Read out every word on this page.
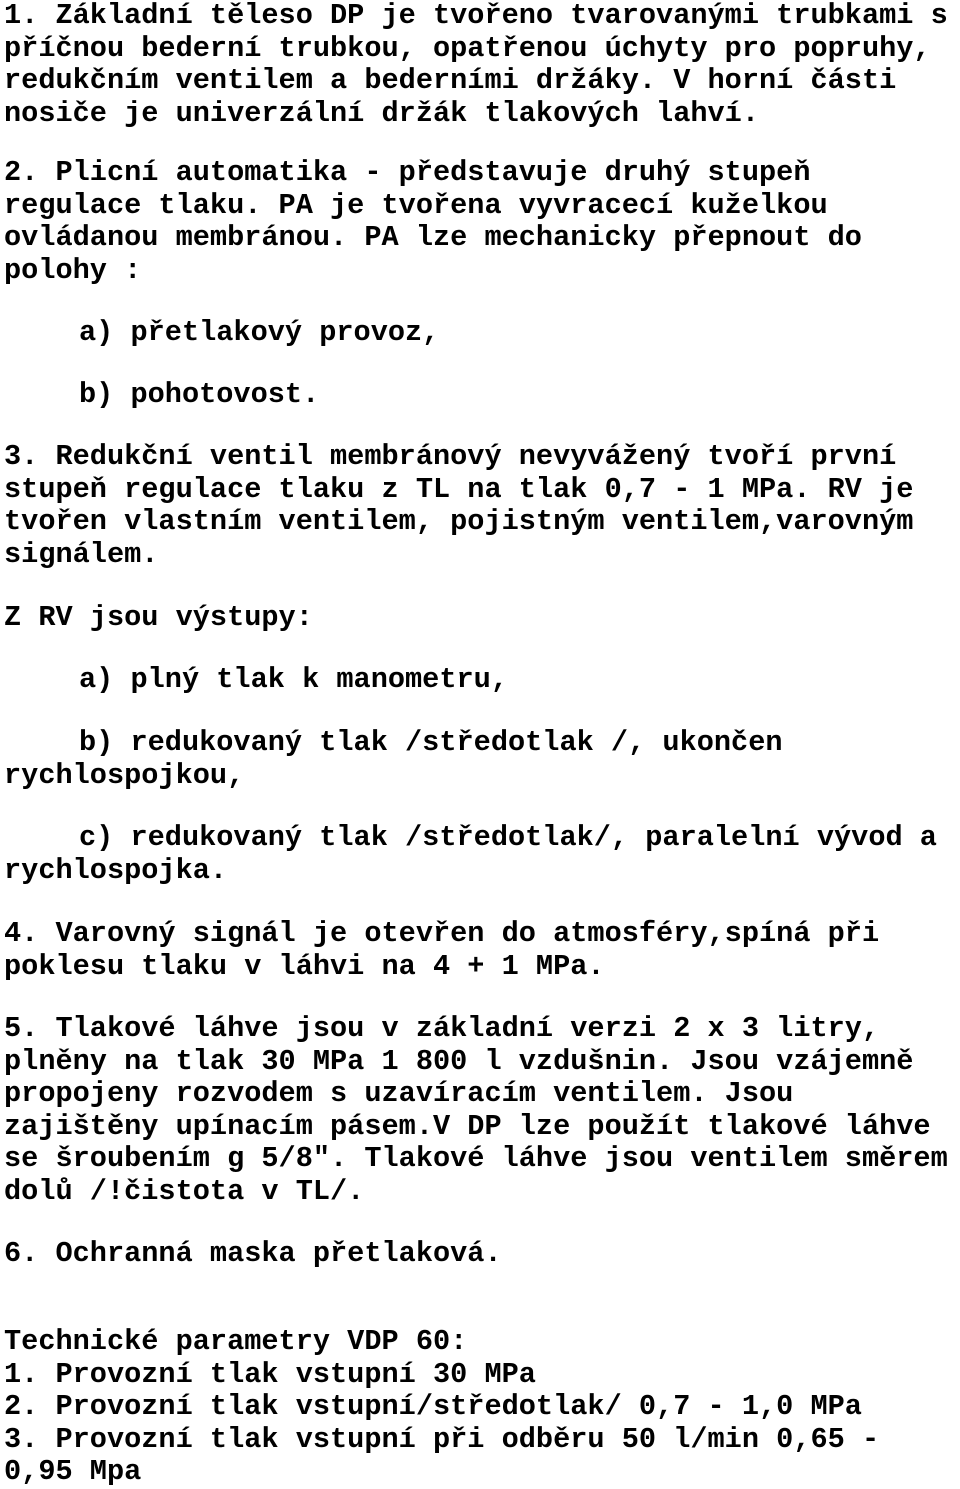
1. Základní těleso DP je tvořeno tvarovanými trubkami s
příčnou bederní trubkou, opatřenou úchyty pro popruhy,
redukčním ventilem a bederními držáky. V horní části
nosiče je univerzální držák tlakových lahví.
2. Plicní automatika - představuje druhý stupeň
regulace tlaku. PA je tvořena vyvracecí kuželkou
ovládanou membránou. PA lze mechanicky přepnout do
polohy :
a) přetlakový provoz,
b) pohotovost.
3. Redukční ventil membránový nevyvážený tvoří první
stupeň regulace tlaku z TL na tlak 0,7 - 1 MPa. RV je
tvořen vlastním ventilem, pojistným ventilem,varovným
signálem.
Z RV jsou výstupy:
a) plný tlak k manometru,
b) redukovaný tlak /středotlak /, ukončen
rychlospojkou,
c) redukovaný tlak /středotlak/, paralelní vývod a
rychlospojka.
4. Varovný signál je otevřen do atmosféry,spíná při
poklesu tlaku v láhvi na 4 + 1 MPa.
5. Tlakové láhve jsou v základní verzi 2 x 3 litry,
plněny na tlak 30 MPa 1 800 l vzdušnin. Jsou vzájemně
propojeny rozvodem s uzavíracím ventilem. Jsou
zajištěny upínacím pásem.V DP lze použít tlakové láhve
se šroubením g 5/8". Tlakové láhve jsou ventilem směrem
dolů /!čistota v TL/.
6. Ochranná maska přetlaková.
Technické parametry VDP 60:
1. Provozní tlak vstupní 30 MPa
2. Provozní tlak vstupní/středotlak/ 0,7 - 1,0 MPa
3. Provozní tlak vstupní při odběru 50 l/min 0,65 -
0,95 Mpa
